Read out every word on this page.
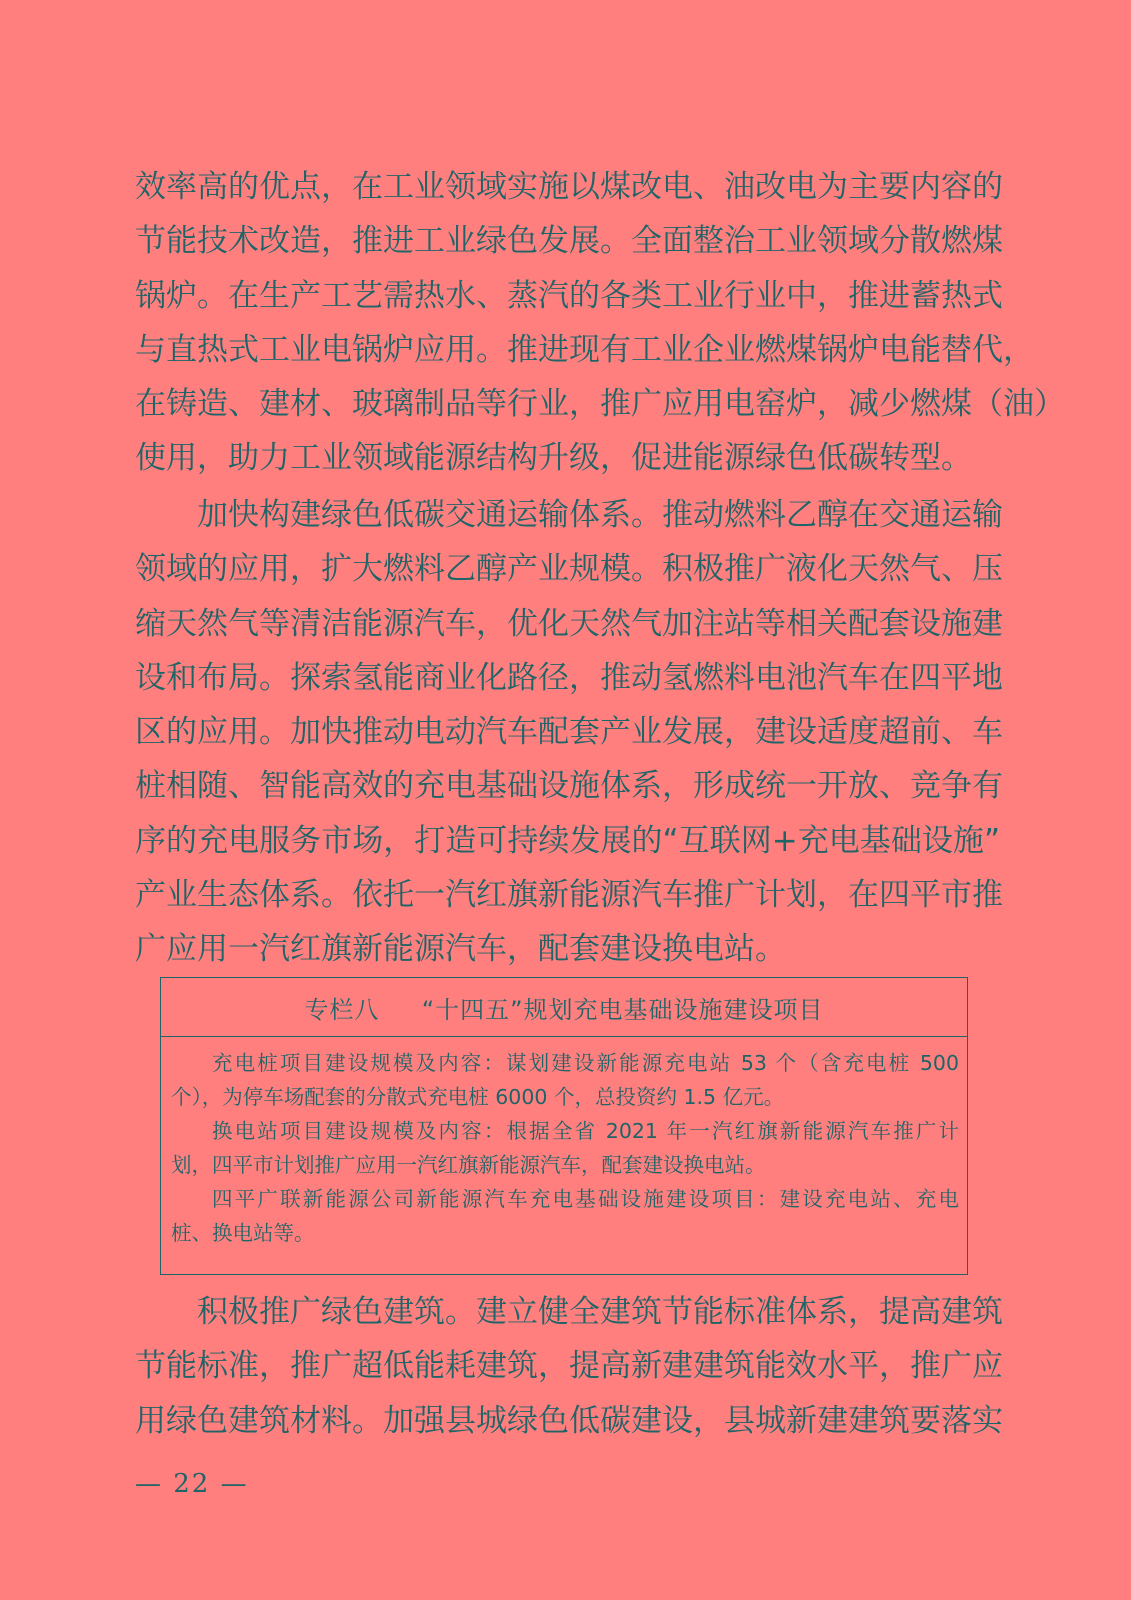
效率高的优点，在工业领域实施以煤改电、油改电为主要内容的
节能技术改造，推进工业绿色发展。全面整治工业领域分散燃煤
锅炉。在生产工艺需热水、蒸汽的各类工业行业中，推进蓄热式
与直热式工业电锅炉应用。推进现有工业企业燃煤锅炉电能替代，
在铸造、建材、玻璃制品等行业，推广应用电窑炉，减少燃煤（油）
使用，助力工业领域能源结构升级，促进能源绿色低碳转型。
　　加快构建绿色低碳交通运输体系。推动燃料乙醇在交通运输
领域的应用，扩大燃料乙醇产业规模。积极推广液化天然气、压
缩天然气等清洁能源汽车，优化天然气加注站等相关配套设施建
设和布局。探索氢能商业化路径，推动氢燃料电池汽车在四平地
区的应用。加快推动电动汽车配套产业发展，建设适度超前、车
桩相随、智能高效的充电基础设施体系，形成统一开放、竞争有
序的充电服务市场，打造可持续发展的“互联网+充电基础设施”
产业生态体系。依托一汽红旗新能源汽车推广计划，在四平市推
广应用一汽红旗新能源汽车，配套建设换电站。
专栏八　  “十四五”规划充电基础设施建设项目
充电桩项目建设规模及内容：谋划建设新能源充电站 53 个（含充电桩 500
个），为停车场配套的分散式充电桩 6000 个，总投资约 1.5 亿元。
换电站项目建设规模及内容：根据全省 2021 年一汽红旗新能源汽车推广计
划，四平市计划推广应用一汽红旗新能源汽车，配套建设换电站。
四平广联新能源公司新能源汽车充电基础设施建设项目：建设充电站、充电
桩、换电站等。
　　积极推广绿色建筑。建立健全建筑节能标准体系，提高建筑
节能标准，推广超低能耗建筑，提高新建建筑能效水平，推广应
用绿色建筑材料。加强县城绿色低碳建设，县城新建建筑要落实
— 22 —
